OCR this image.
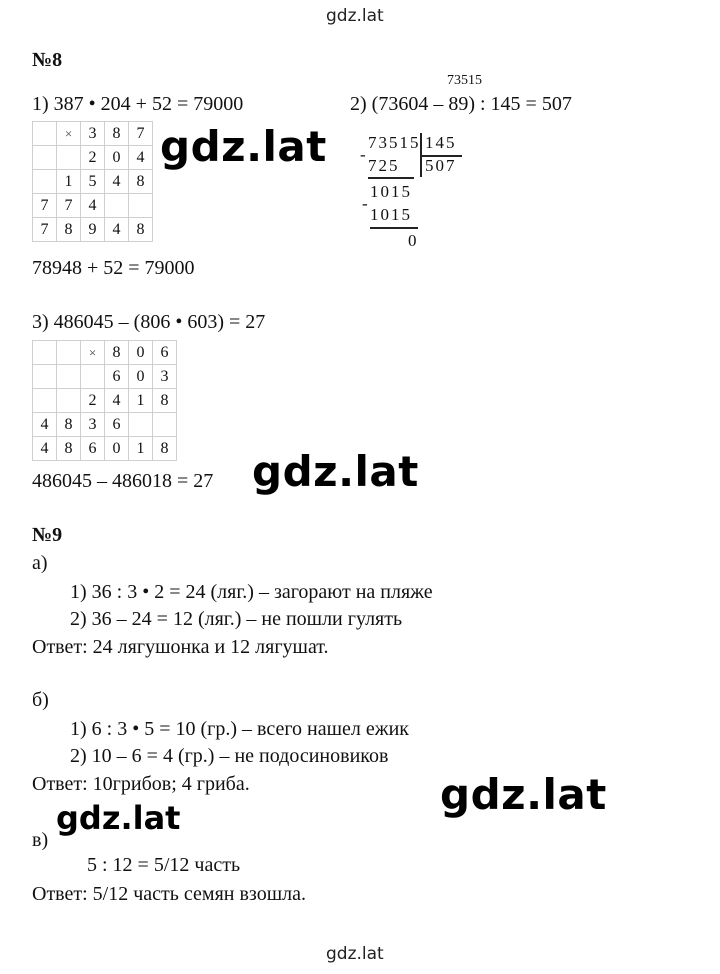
gdz.lat
gdz.lat
gdz.lat
gdz.lat
gdz.lat
gdz.lat
№8
73515
1) 387 • 204 + 52 = 79000	2) (73604 – 89) : 145 = 507
	×	3	8	7
		2	0	4
	1	5	4	8
7	7	4		
7	8	9	4	8
73515 145
-
725 507
1015
-
1015
0
78948 + 52 = 79000
3) 486045 – (806 • 603) = 27
		×	8	0	6
			6	0	3
		2	4	1	8
4	8	3	6		
4	8	6	0	1	8
486045 – 486018 = 27
№9
а)
1) 36 : 3 • 2 = 24 (ляг.) – загорают на пляже
2) 36 – 24 = 12 (ляг.) – не пошли гулять
Ответ: 24 лягушонка и 12 лягушат.
б)
1) 6 : 3 • 5 = 10 (гр.) – всего нашел ежик
2) 10 – 6 = 4 (гр.) – не подосиновиков
Ответ: 10грибов; 4 гриба.
в)
5 : 12 = 5/12 часть
Ответ: 5/12 часть семян взошла.
